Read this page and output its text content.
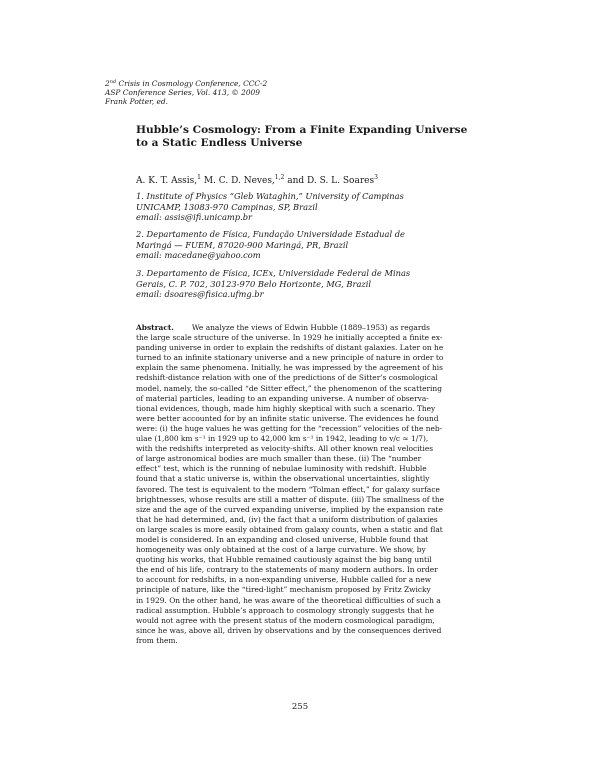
2nd Crisis in Cosmology Conference, CCC-2
ASP Conference Series, Vol. 413, © 2009
Frank Potter, ed.
Hubble’s Cosmology: From a Finite Expanding Universe
to a Static Endless Universe
A. K. T. Assis,$^1$ M. C. D. Neves,$^{1,2}$ and D. S. L. Soares$^3$
1. Institute of Physics “Gleb Wataghin,” University of Campinas
UNICAMP, 13083-970 Campinas, SP, Brazil
email: assis@ifi.unicamp.br
2. Departamento de Física, Fundação Universidade Estadual de
Maringá — FUEM, 87020-900 Maringá, PR, Brazil
email: macedane@yahoo.com
3. Departamento de Física, ICEx, Universidade Federal de Minas
Gerais, C. P. 702, 30123-970 Belo Horizonte, MG, Brazil
email: dsoares@fisica.ufmg.br
Abstract. We analyze the views of Edwin Hubble (1889–1953) as regards
the large scale structure of the universe. In 1929 he initially accepted a finite ex-
panding universe in order to explain the redshifts of distant galaxies. Later on he
turned to an infinite stationary universe and a new principle of nature in order to
explain the same phenomena. Initially, he was impressed by the agreement of his
redshift-distance relation with one of the predictions of de Sitter’s cosmological
model, namely, the so-called “de Sitter effect,” the phenomenon of the scattering
of material particles, leading to an expanding universe. A number of observa-
tional evidences, though, made him highly skeptical with such a scenario. They
were better accounted for by an infinite static universe. The evidences he found
were: (i) the huge values he was getting for the “recession” velocities of the neb-
ulae (1,800 km s⁻¹ in 1929 up to 42,000 km s⁻¹ in 1942, leading to v/c ≈ 1/7),
with the redshifts interpreted as velocity-shifts. All other known real velocities
of large astronomical bodies are much smaller than these. (ii) The “number
effect” test, which is the running of nebulae luminosity with redshift. Hubble
found that a static universe is, within the observational uncertainties, slightly
favored. The test is equivalent to the modern “Tolman effect,” for galaxy surface
brightnesses, whose results are still a matter of dispute. (iii) The smallness of the
size and the age of the curved expanding universe, implied by the expansion rate
that he had determined, and, (iv) the fact that a uniform distribution of galaxies
on large scales is more easily obtained from galaxy counts, when a static and flat
model is considered. In an expanding and closed universe, Hubble found that
homogeneity was only obtained at the cost of a large curvature. We show, by
quoting his works, that Hubble remained cautiously against the big bang until
the end of his life, contrary to the statements of many modern authors. In order
to account for redshifts, in a non-expanding universe, Hubble called for a new
principle of nature, like the “tired-light” mechanism proposed by Fritz Zwicky
in 1929. On the other hand, he was aware of the theoretical difficulties of such a
radical assumption. Hubble’s approach to cosmology strongly suggests that he
would not agree with the present status of the modern cosmological paradigm,
since he was, above all, driven by observations and by the consequences derived
from them.
255
